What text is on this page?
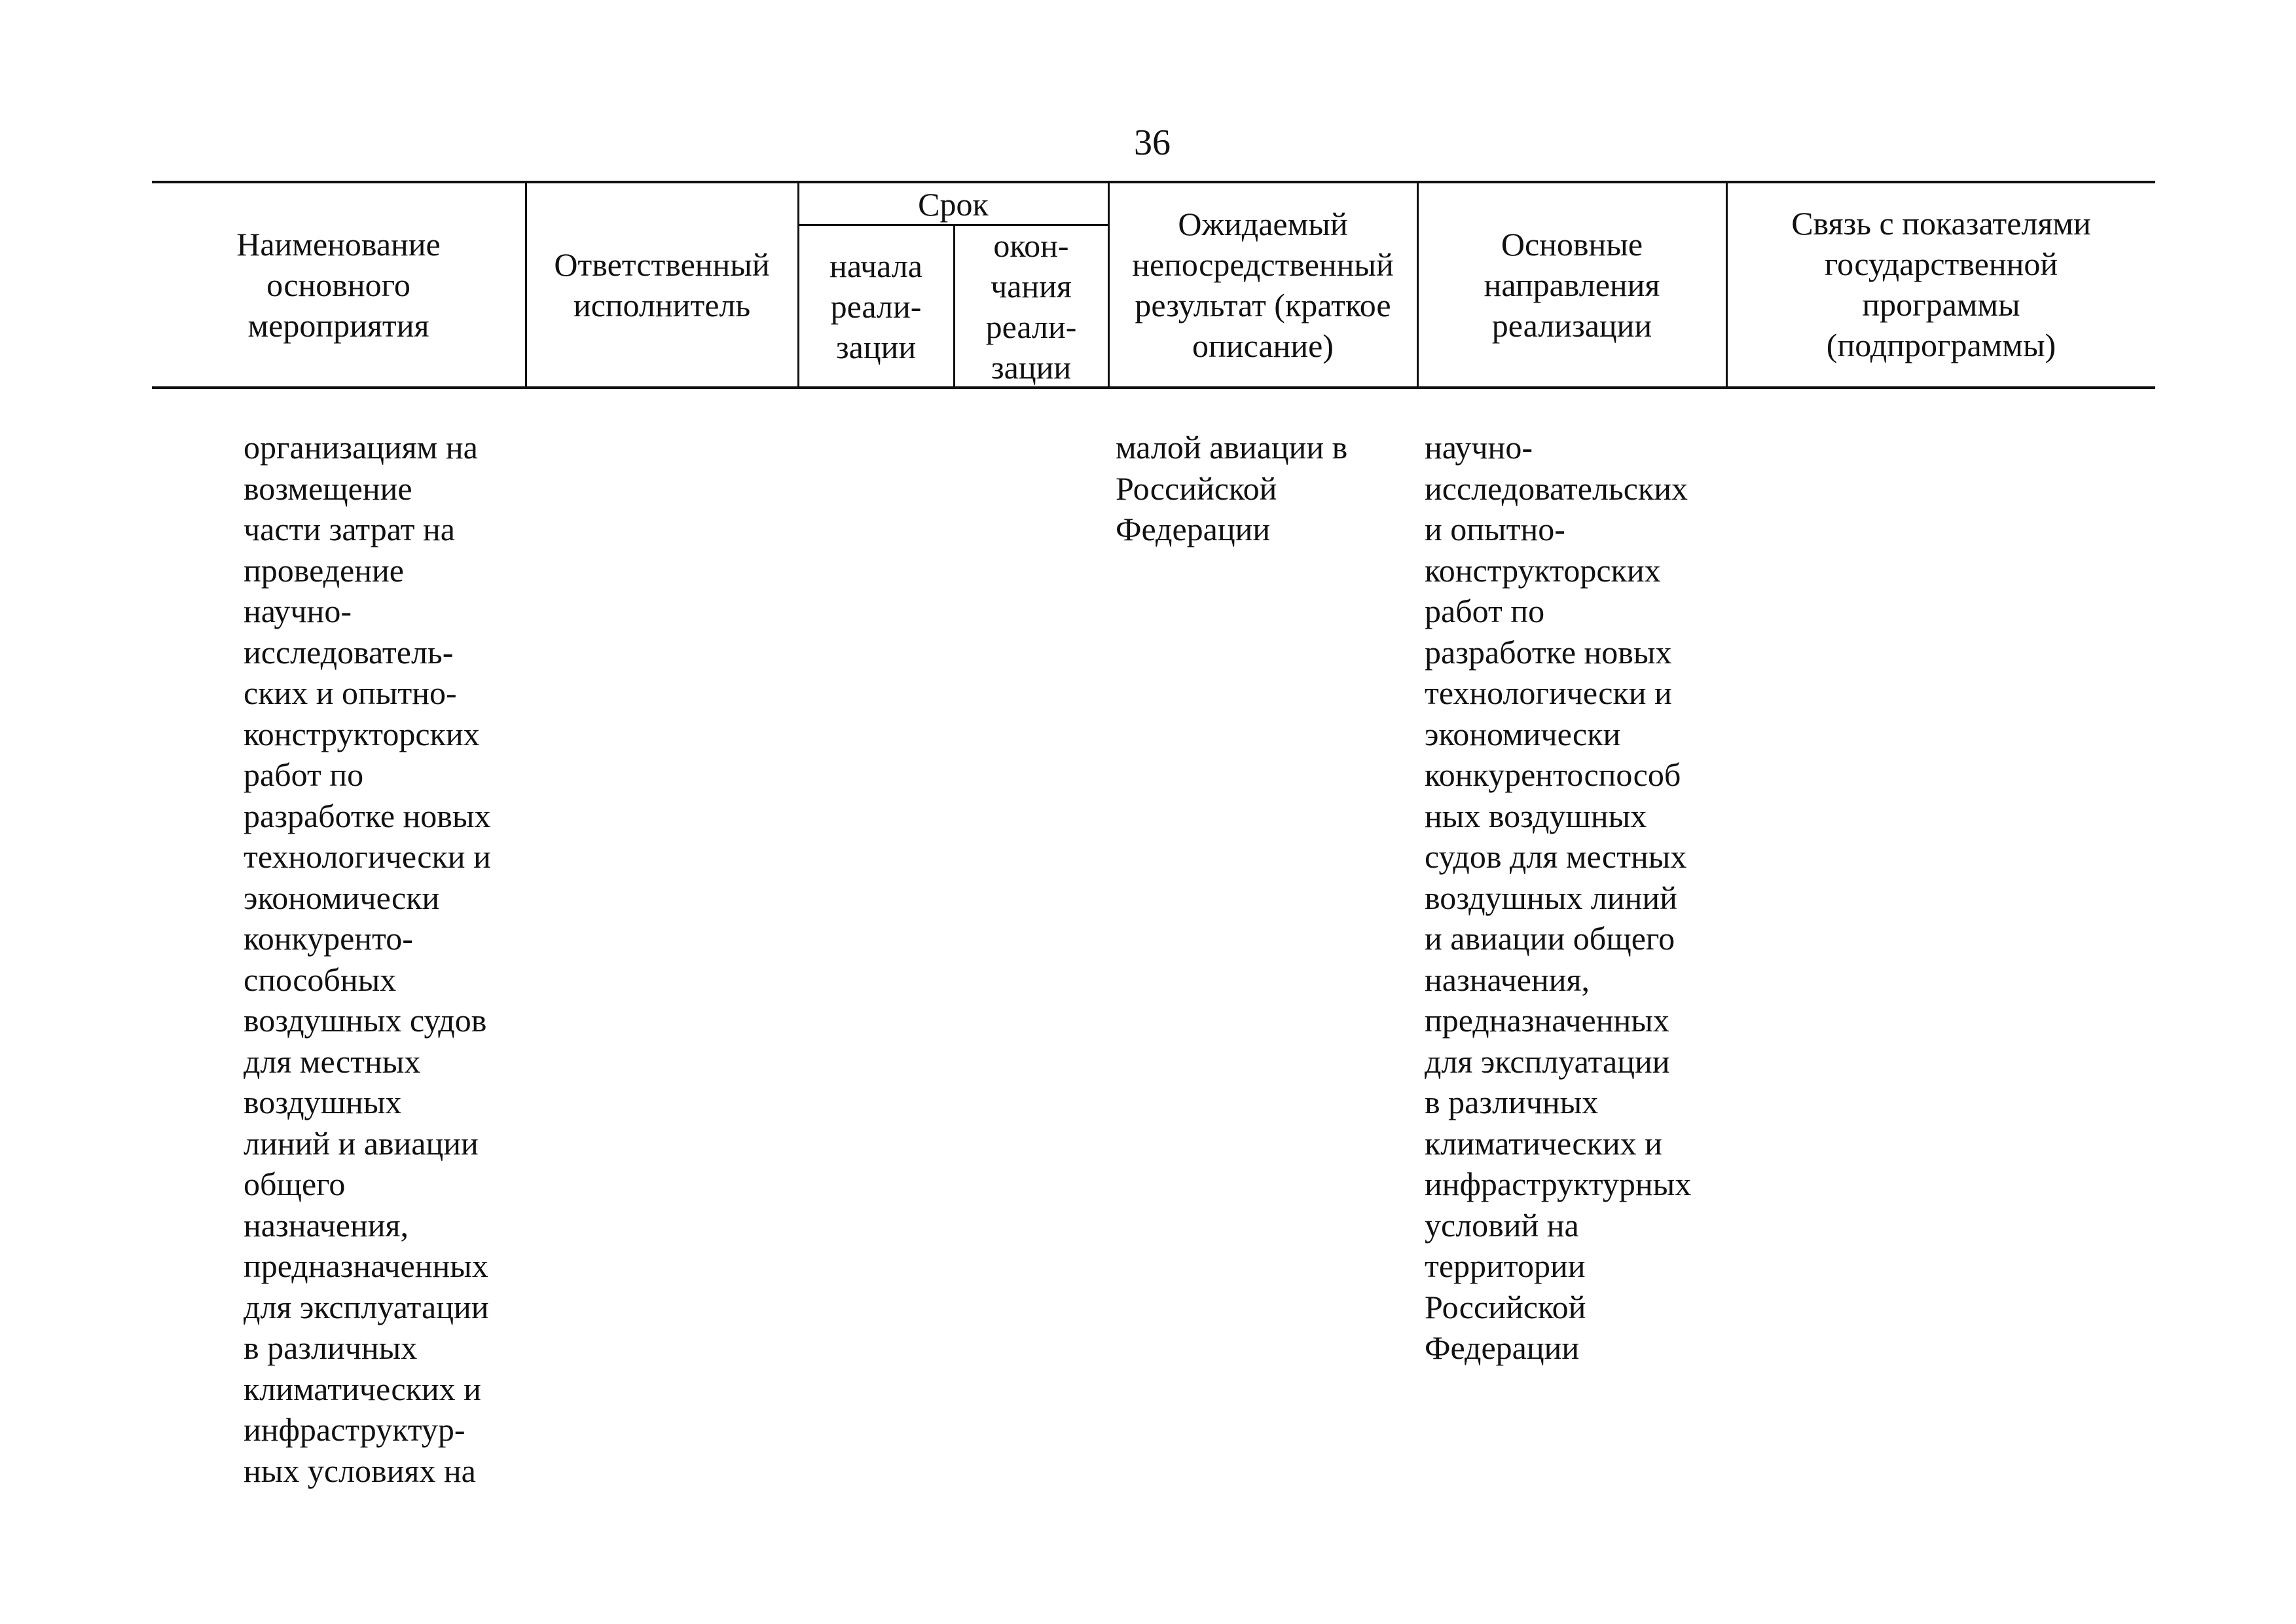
36
Наименование
основного
мероприятия
Ответственный
исполнитель
Срок
начала
реали-
зации
окон-
чания
реали-
зации
Ожидаемый
непосредственный
результат (краткое
описание)
Основные
направления
реализации
Связь с показателями
государственной
программы
(подпрограммы)
организациям на
возмещение
части затрат на
проведение
научно-
исследователь-
ских и опытно-
конструкторских
работ по
разработке новых
технологически и
экономически
конкуренто-
способных
воздушных судов
для местных
воздушных
линий и авиации
общего
назначения,
предназначенных
для эксплуатации
в различных
климатических и
инфраструктур-
ных условиях на
малой авиации в
Российской
Федерации
научно-
исследовательских
и опытно-
конструкторских
работ по
разработке новых
технологически и
экономически
конкурентоспособ
ных воздушных
судов для местных
воздушных линий
и авиации общего
назначения,
предназначенных
для эксплуатации
в различных
климатических и
инфраструктурных
условий на
территории
Российской
Федерации
